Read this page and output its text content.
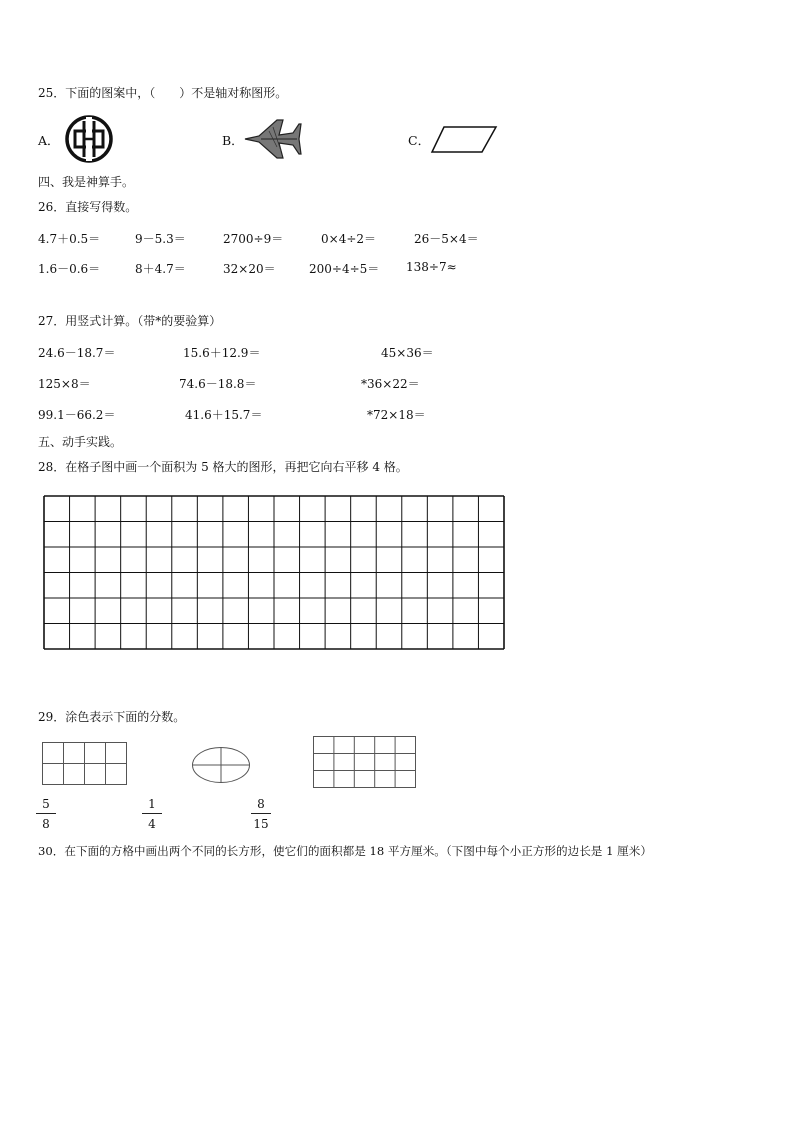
25．下面的图案中，（　　）不是轴对称图形。
A．	B．	C．
四、我是神算手。
26．直接写得数。
4.7＋0.5＝	9－5.3＝	2700÷9＝	0×4÷2＝	26－5×4＝
1.6－0.6＝	8＋4.7＝	32×20＝	200÷4÷5＝ 138÷7≈
27．用竖式计算。（带*的要验算）
24.6－18.7＝	15.6＋12.9＝	45×36＝
125×8＝	74.6－18.8＝	*36×22＝
99.1－66.2＝	41.6＋15.7＝	*72×18＝
五、动手实践。
28．在格子图中画一个面积为 5 格大的图形，再把它向右平移 4 格。
29．涂色表示下面的分数。
5
8
1
4
8
15
30．在下面的方格中画出两个不同的长方形，使它们的面积都是 18 平方厘米。（下图中每个小正方形的边长是 1 厘米）
